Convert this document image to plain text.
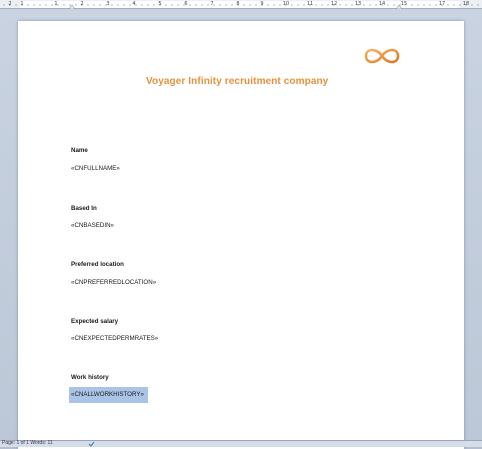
2 1	1	2	3	4	5	6	7	8	9	10	11	12	13	14	15	17	18
Voyager Infinity recruitment company
Name
«CNFULLNAME»
Based In
«CNBASEDIN»
Preferred location
«CNPREFERREDLOCATION»
Expected salary
«CNEXPECTEDPERMRATES»
Work history
«CNALLWORKHISTORY»
Page: 1 of 1 Words: 11
